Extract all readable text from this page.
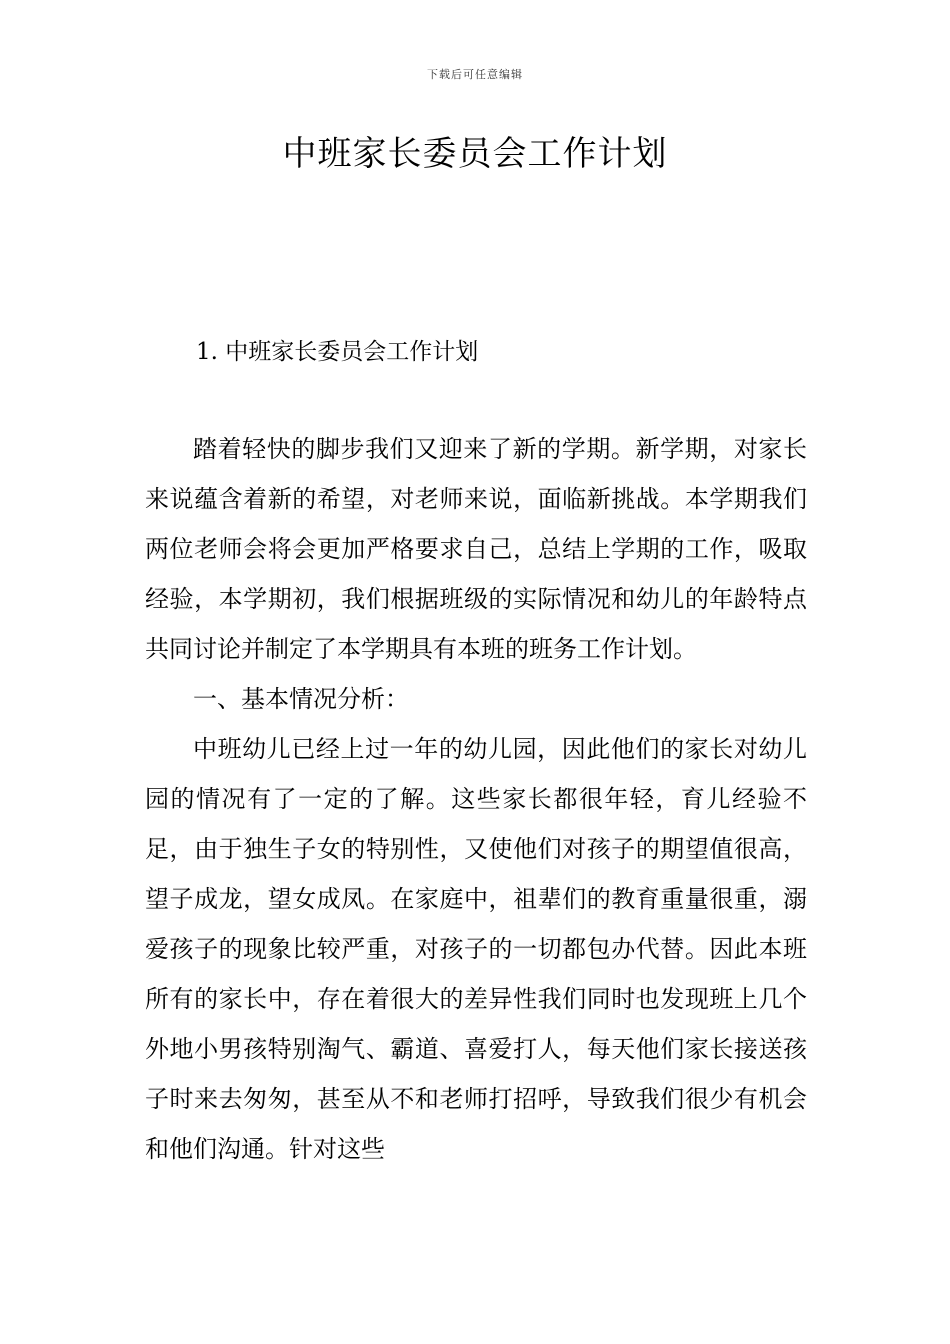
下载后可任意编辑
中班家长委员会工作计划
1. 中班家长委员会工作计划

踏着轻快的脚步我们又迎来了新的学期。新学期，对家长来说蕴含着新的希望，对老师来说，面临新挑战。本学期我们两位老师会将会更加严格要求自己，总结上学期的工作，吸取经验，本学期初，我们根据班级的实际情况和幼儿的年龄特点共同讨论并制定了本学期具有本班的班务工作计划。

一、基本情况分析：

中班幼儿已经上过一年的幼儿园，因此他们的家长对幼儿园的情况有了一定的了解。这些家长都很年轻，育儿经验不足，由于独生子女的特别性，又使他们对孩子的期望值很高，望子成龙，望女成凤。在家庭中，祖辈们的教育重量很重，溺爱孩子的现象比较严重，对孩子的一切都包办代替。因此本班所有的家长中，存在着很大的差异性我们同时也发现班上几个外地小男孩特别淘气、霸道、喜爱打人，每天他们家长接送孩子时来去匆匆，甚至从不和老师打招呼，导致我们很少有机会和他们沟通。针对这些
